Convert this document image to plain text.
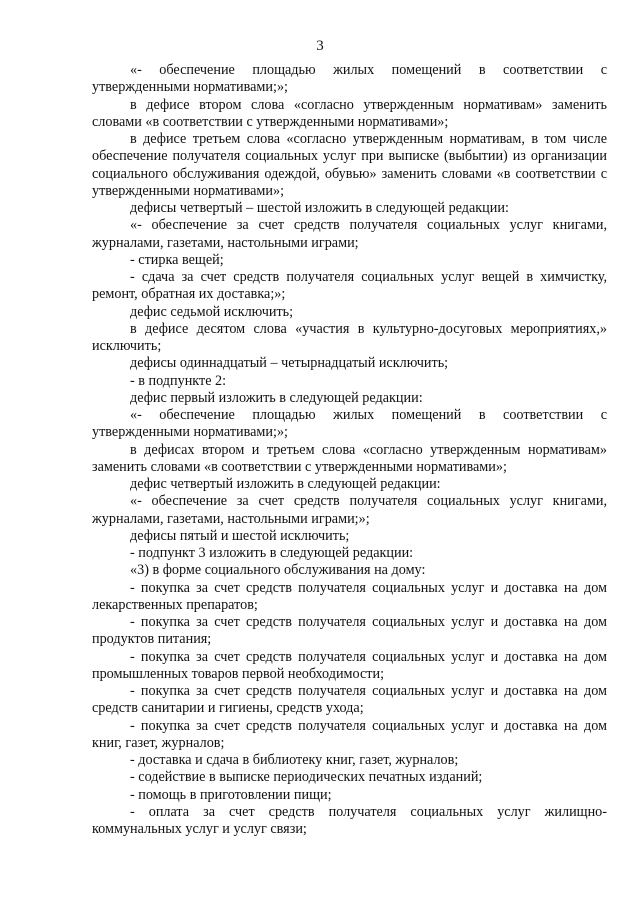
3

«- обеспечение площадью жилых помещений в соответствии с утвержденными нормативами;»;

в дефисе втором слова «согласно утвержденным нормативам» заменить словами «в соответствии с утвержденными нормативами»;

в дефисе третьем слова «согласно утвержденным нормативам, в том числе обеспечение получателя социальных услуг при выписке (выбытии) из организации социального обслуживания одеждой, обувью» заменить словами «в соответствии с утвержденными нормативами»;

дефисы четвертый – шестой изложить в следующей редакции:

«- обеспечение за счет средств получателя социальных услуг книгами, журналами, газетами, настольными играми;

- стирка вещей;

- сдача за счет средств получателя социальных услуг вещей в химчистку, ремонт, обратная их доставка;»;

дефис седьмой исключить;

в дефисе десятом слова «участия в культурно-досуговых мероприятиях,» исключить;

дефисы одиннадцатый – четырнадцатый исключить;

- в подпункте 2:

дефис первый изложить в следующей редакции:

«- обеспечение площадью жилых помещений в соответствии с утвержденными нормативами;»;

в дефисах втором и третьем слова «согласно утвержденным нормативам» заменить словами «в соответствии с утвержденными нормативами»;

дефис четвертый изложить в следующей редакции:

«- обеспечение за счет средств получателя социальных услуг книгами, журналами, газетами, настольными играми;»;

дефисы пятый и шестой исключить;

- подпункт 3 изложить в следующей редакции:

«3) в форме социального обслуживания на дому:

- покупка за счет средств получателя социальных услуг и доставка на дом лекарственных препаратов;

- покупка за счет средств получателя социальных услуг и доставка на дом продуктов питания;

- покупка за счет средств получателя социальных услуг и доставка на дом промышленных товаров первой необходимости;

- покупка за счет средств получателя социальных услуг и доставка на дом средств санитарии и гигиены, средств ухода;

- покупка за счет средств получателя социальных услуг и доставка на дом книг, газет, журналов;

- доставка и сдача в библиотеку книг, газет, журналов;

- содействие в выписке периодических печатных изданий;

- помощь в приготовлении пищи;

- оплата за счет средств получателя социальных услуг жилищно-коммунальных услуг и услуг связи;
